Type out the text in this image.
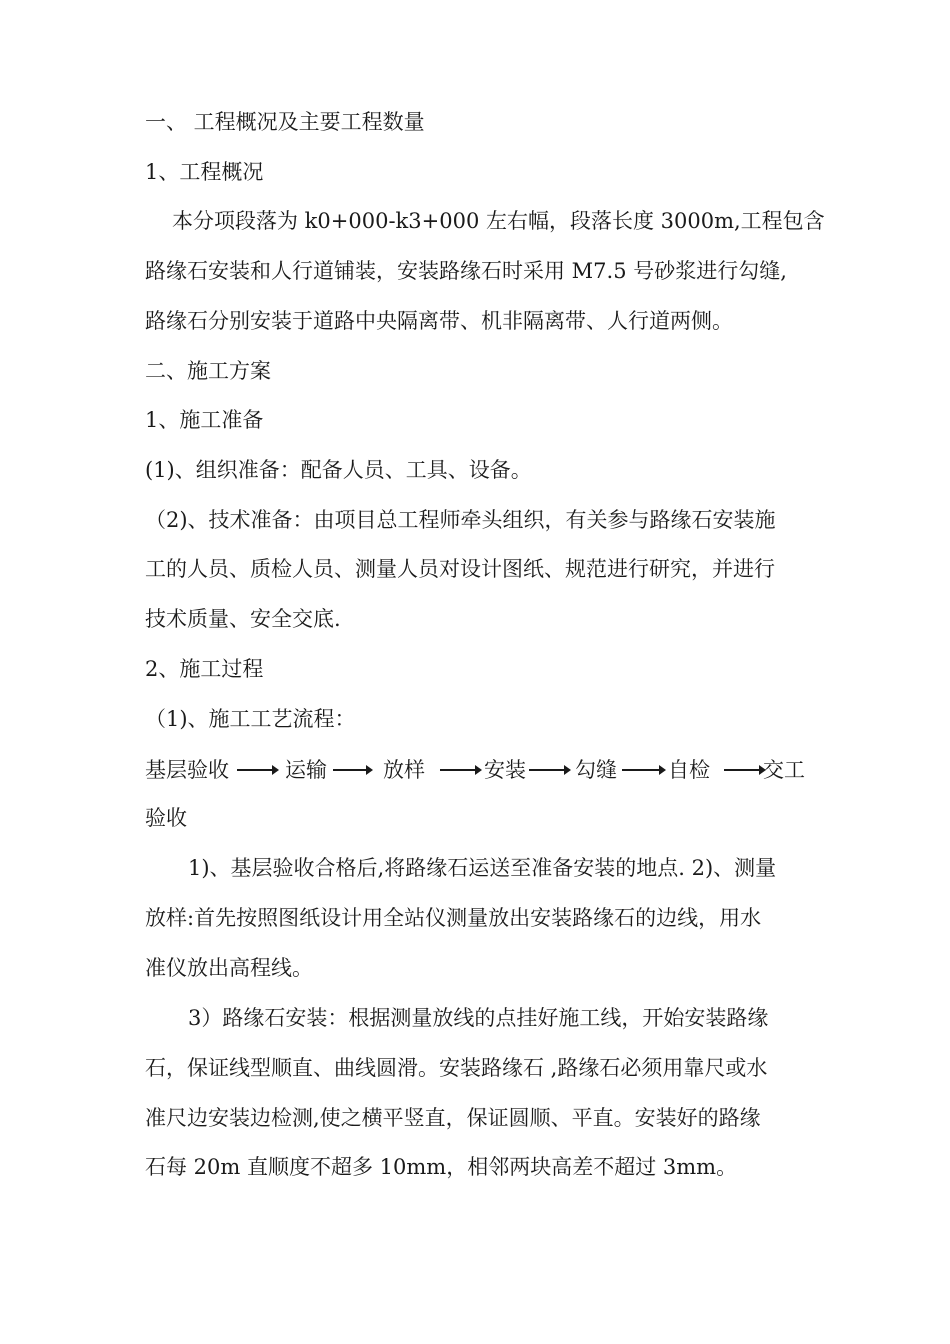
一、 工程概况及主要工程数量
1、工程概况
本分项段落为 k0+000-k3+000 左右幅，段落长度 3000m,工程包含
路缘石安装和人行道铺装，安装路缘石时采用 M7.5 号砂浆进行勾缝,
路缘石分别安装于道路中央隔离带、机非隔离带、人行道两侧。
二、施工方案
1、施工准备
(1)、组织准备：配备人员、工具、设备。
（2)、技术准备：由项目总工程师牵头组织，有关参与路缘石安装施
工的人员、质检人员、测量人员对设计图纸、规范进行研究，并进行
技术质量、安全交底.
2、施工过程
（1)、施工工艺流程：
基层验收	运输	放样	安装 勾缝 自检	交工
验收
1)、基层验收合格后,将路缘石运送至准备安装的地点. 2)、测量
放样:首先按照图纸设计用全站仪测量放出安装路缘石的边线，用水
准仪放出高程线。
3）路缘石安装：根据测量放线的点挂好施工线，开始安装路缘
石，保证线型顺直、曲线圆滑。安装路缘石 ,路缘石必须用靠尺或水
准尺边安装边检测,使之横平竖直，保证圆顺、平直。安装好的路缘
石每 20m 直顺度不超多 10mm，相邻两块高差不超过 3mm。
